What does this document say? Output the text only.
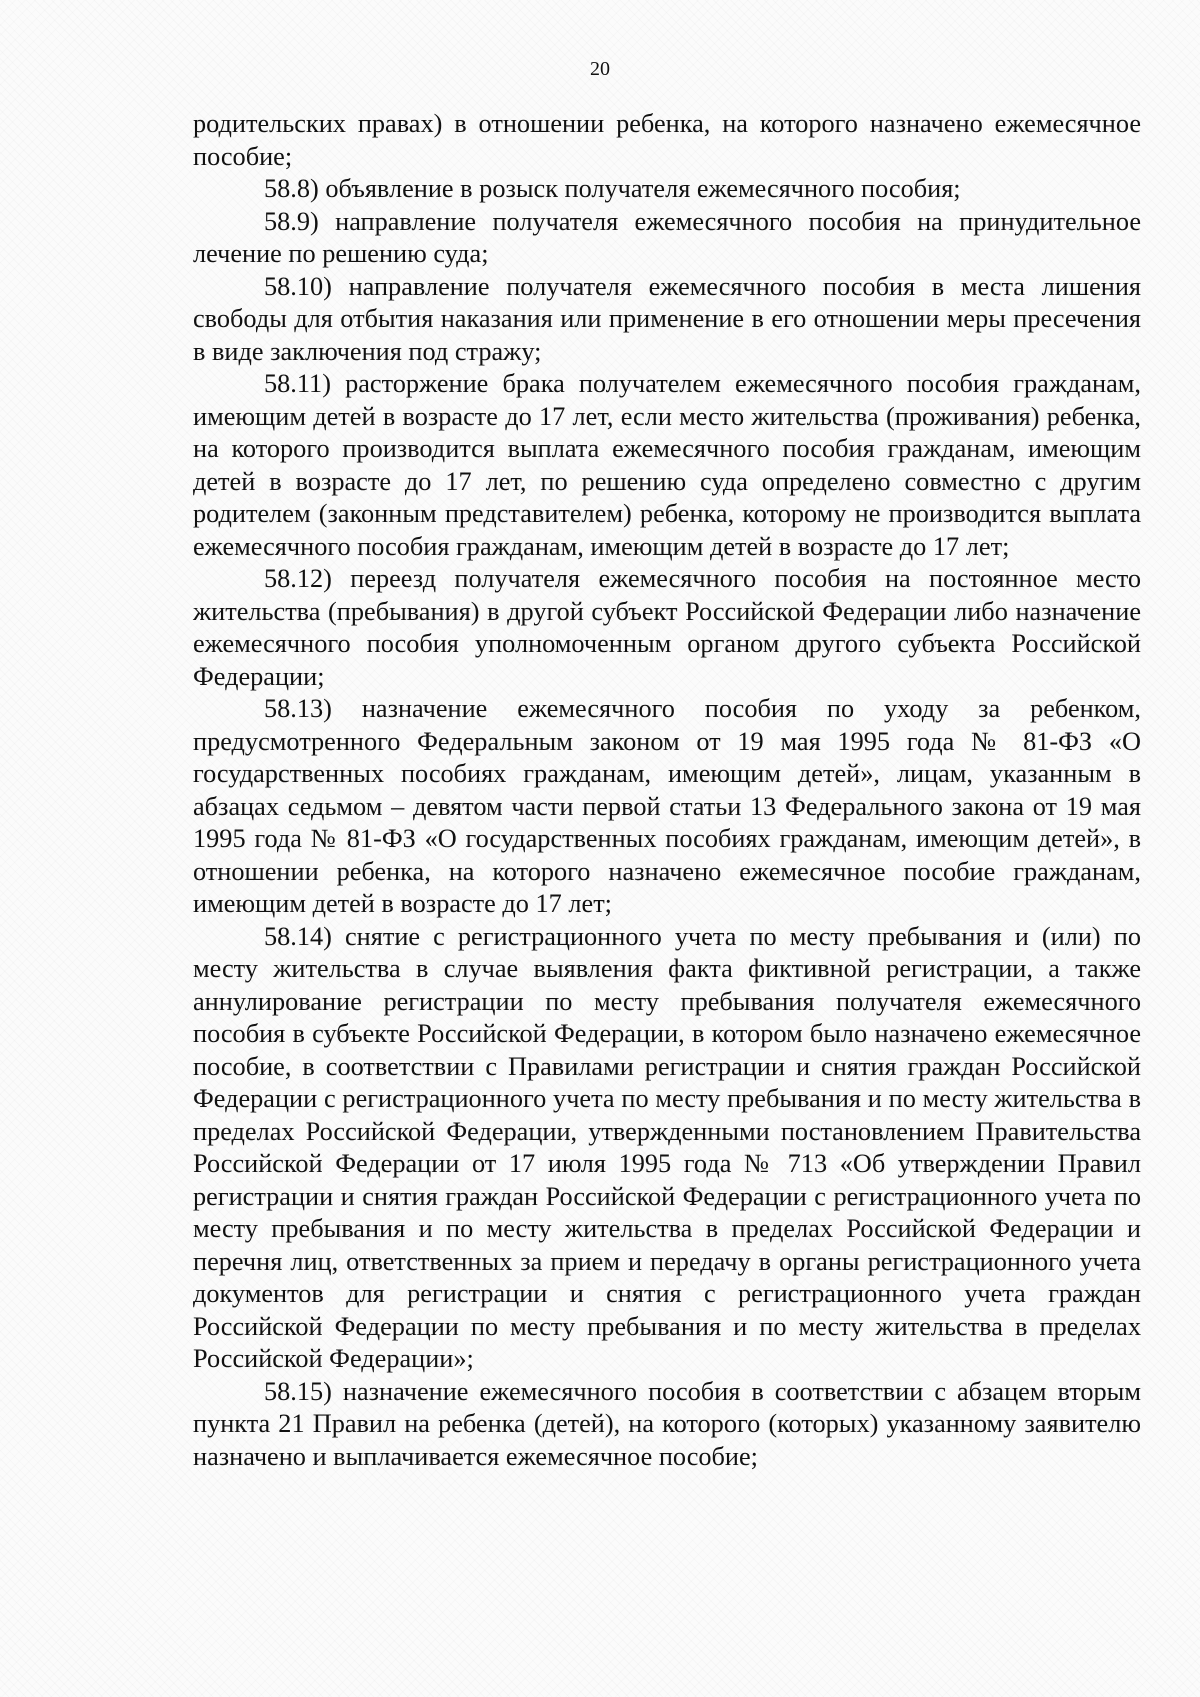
20

родительских правах) в отношении ребенка, на которого назначено ежемесячное пособие;

58.8) объявление в розыск получателя ежемесячного пособия;

58.9) направление получателя ежемесячного пособия на принудительное лечение по решению суда;

58.10) направление получателя ежемесячного пособия в места лишения свободы для отбытия наказания или применение в его отношении меры пресечения в виде заключения под стражу;

58.11) расторжение брака получателем ежемесячного пособия гражданам, имеющим детей в возрасте до 17 лет, если место жительства (проживания) ребенка, на которого производится выплата ежемесячного пособия гражданам, имеющим детей в возрасте до 17 лет, по решению суда определено совместно с другим родителем (законным представителем) ребенка, которому не производится выплата ежемесячного пособия гражданам, имеющим детей в возрасте до 17 лет;

58.12) переезд получателя ежемесячного пособия на постоянное место жительства (пребывания) в другой субъект Российской Федерации либо назначение ежемесячного пособия уполномоченным органом другого субъекта Российской Федерации;

58.13) назначение ежемесячного пособия по уходу за ребенком, предусмотренного Федеральным законом от 19 мая 1995 года № 81-ФЗ «О государственных пособиях гражданам, имеющим детей», лицам, указанным в абзацах седьмом – девятом части первой статьи 13 Федерального закона от 19 мая 1995 года № 81-ФЗ «О государственных пособиях гражданам, имеющим детей», в отношении ребенка, на которого назначено ежемесячное пособие гражданам, имеющим детей в возрасте до 17 лет;

58.14) снятие с регистрационного учета по месту пребывания и (или) по месту жительства в случае выявления факта фиктивной регистрации, а также аннулирование регистрации по месту пребывания получателя ежемесячного пособия в субъекте Российской Федерации, в котором было назначено ежемесячное пособие, в соответствии с Правилами регистрации и снятия граждан Российской Федерации с регистрационного учета по месту пребывания и по месту жительства в пределах Российской Федерации, утвержденными постановлением Правительства Российской Федерации от 17 июля 1995 года № 713 «Об утверждении Правил регистрации и снятия граждан Российской Федерации с регистрационного учета по месту пребывания и по месту жительства в пределах Российской Федерации и перечня лиц, ответственных за прием и передачу в органы регистрационного учета документов для регистрации и снятия с регистрационного учета граждан Российской Федерации по месту пребывания и по месту жительства в пределах Российской Федерации»;

58.15) назначение ежемесячного пособия в соответствии с абзацем вторым пункта 21 Правил на ребенка (детей), на которого (которых) указанному заявителю назначено и выплачивается ежемесячное пособие;
